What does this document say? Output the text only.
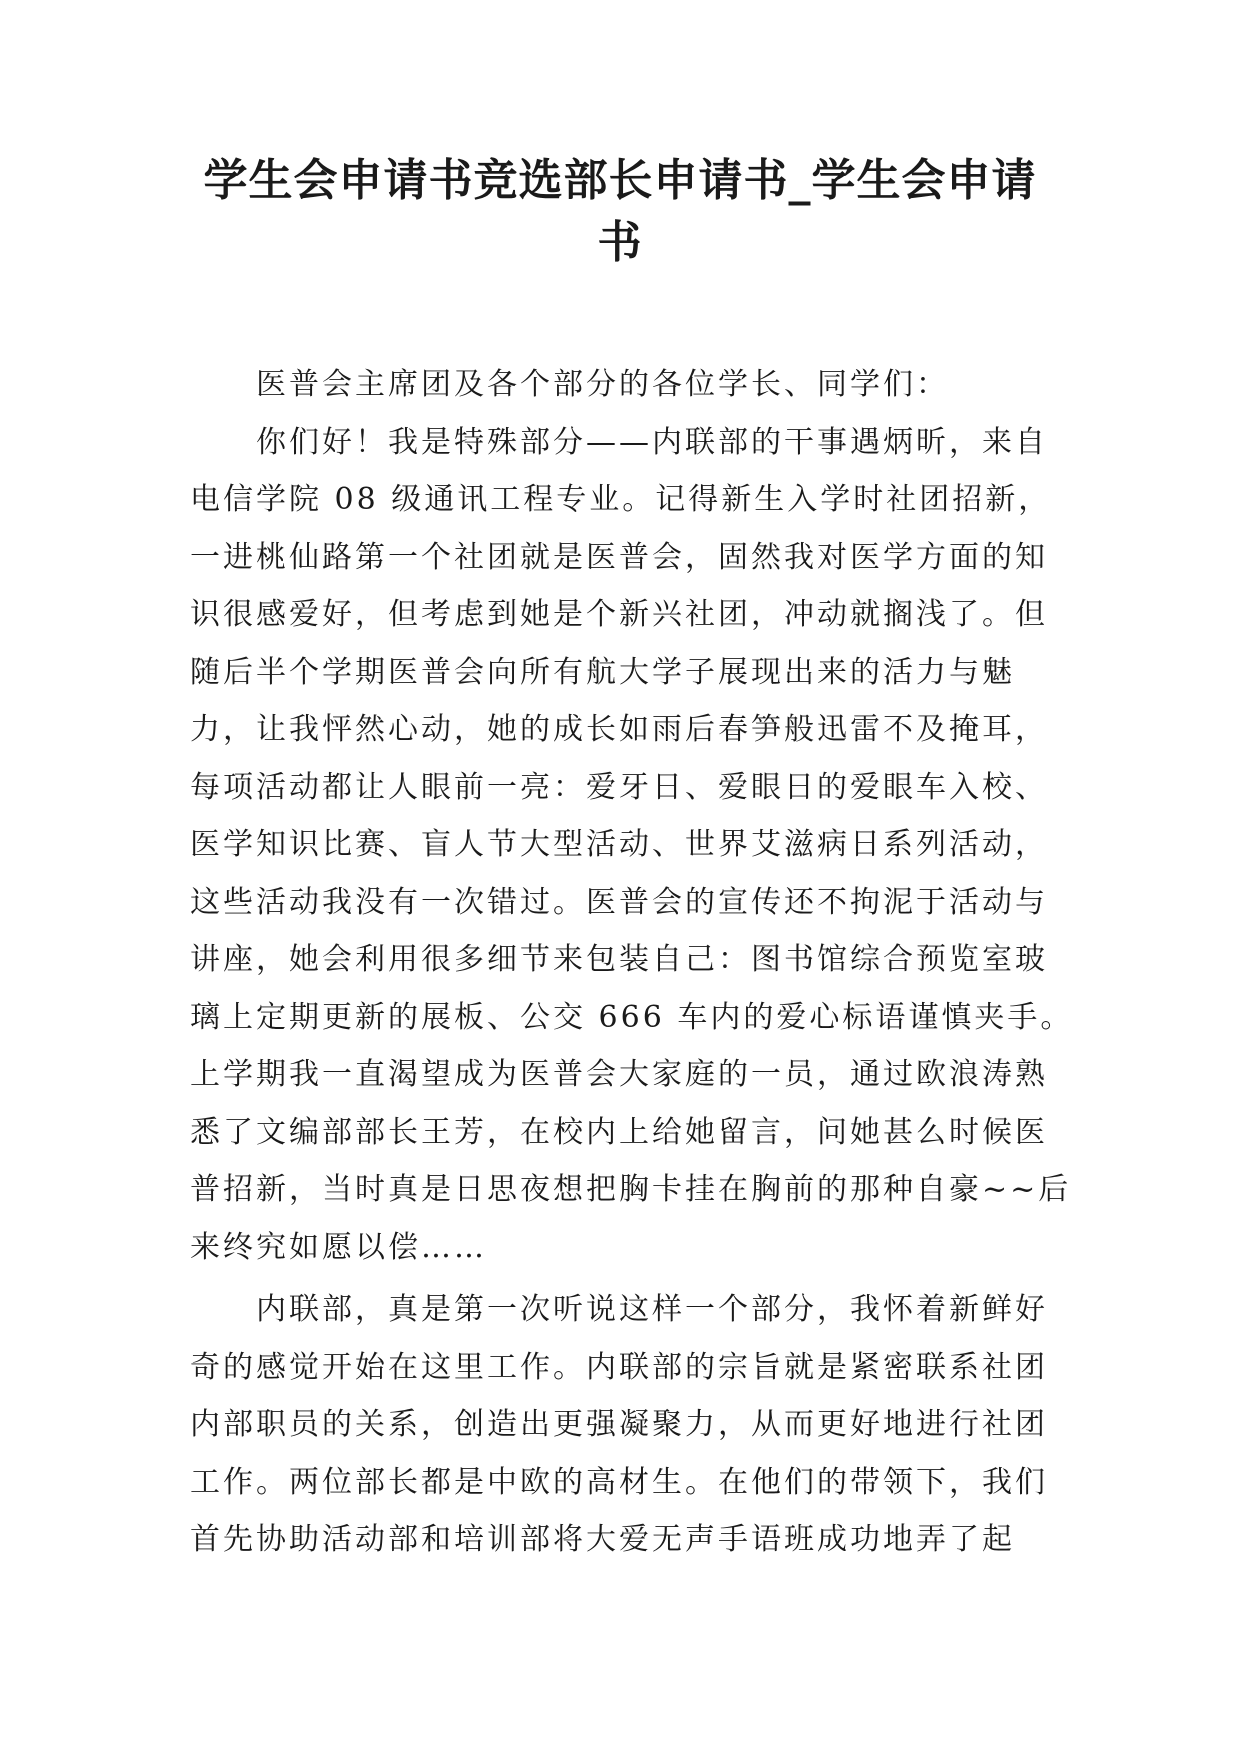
学生会申请书竞选部长申请书_学生会申请
书
医普会主席团及各个部分的各位学长、同学们：
你们好！我是特殊部分——内联部的干事遇炳昕，来自
电信学院 08 级通讯工程专业。记得新生入学时社团招新，
一进桃仙路第一个社团就是医普会，固然我对医学方面的知
识很感爱好，但考虑到她是个新兴社团，冲动就搁浅了。但
随后半个学期医普会向所有航大学子展现出来的活力与魅
力，让我怦然心动，她的成长如雨后春笋般迅雷不及掩耳，
每项活动都让人眼前一亮：爱牙日、爱眼日的爱眼车入校、
医学知识比赛、盲人节大型活动、世界艾滋病日系列活动，
这些活动我没有一次错过。医普会的宣传还不拘泥于活动与
讲座，她会利用很多细节来包装自己：图书馆综合预览室玻
璃上定期更新的展板、公交 666 车内的爱心标语谨慎夹手。
上学期我一直渴望成为医普会大家庭的一员，通过欧浪涛熟
悉了文编部部长王芳，在校内上给她留言，问她甚么时候医
普招新，当时真是日思夜想把胸卡挂在胸前的那种自豪~~后
来终究如愿以偿……
内联部，真是第一次听说这样一个部分，我怀着新鲜好
奇的感觉开始在这里工作。内联部的宗旨就是紧密联系社团
内部职员的关系，创造出更强凝聚力，从而更好地进行社团
工作。两位部长都是中欧的高材生。在他们的带领下，我们
首先协助活动部和培训部将大爱无声手语班成功地弄了起
